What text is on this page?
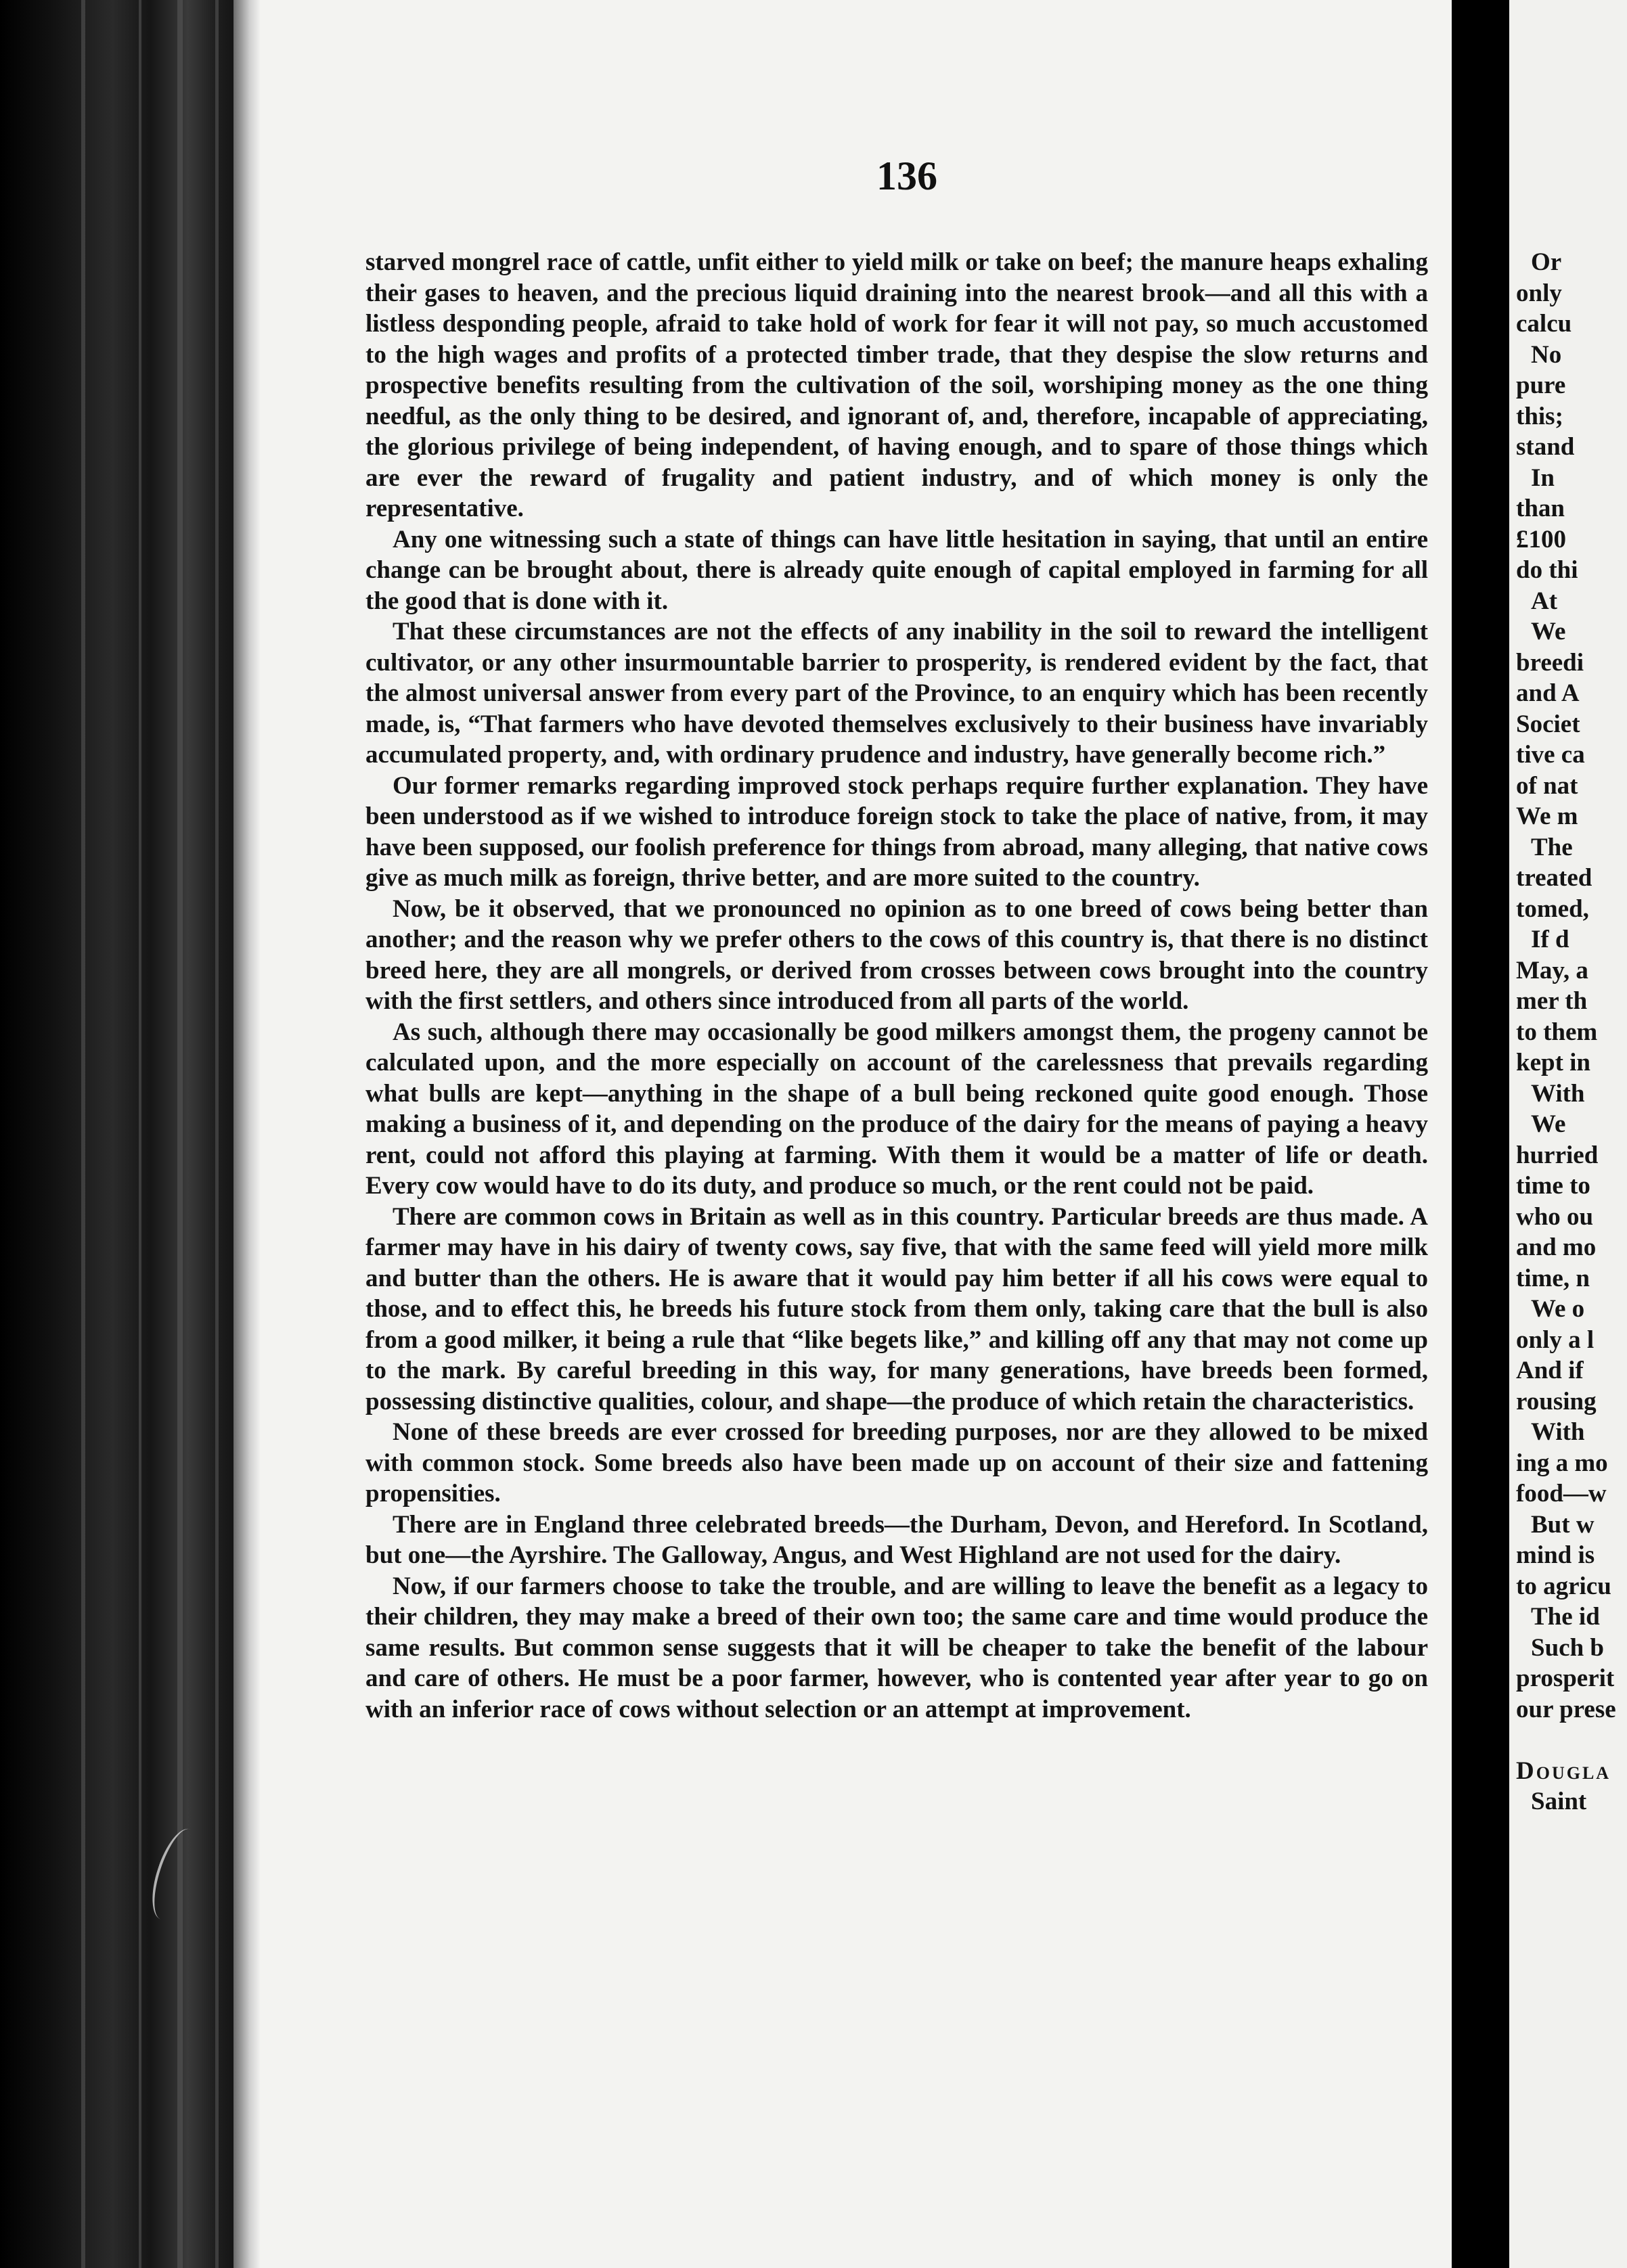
136

starved mongrel race of cattle, unfit either to yield milk or take on beef; the manure heaps exhaling their gases to heaven, and the precious liquid draining into the nearest brook—and all this with a listless desponding people, afraid to take hold of work for fear it will not pay, so much accustomed to the high wages and profits of a protected timber trade, that they despise the slow returns and prospective benefits resulting from the cultivation of the soil, worshiping money as the one thing needful, as the only thing to be desired, and ignorant of, and, therefore, incapable of appreciating, the glorious privilege of being independent, of having enough, and to spare of those things which are ever the reward of frugality and patient industry, and of which money is only the representative.

Any one witnessing such a state of things can have little hesitation in saying, that until an entire change can be brought about, there is already quite enough of capital employed in farming for all the good that is done with it.

That these circumstances are not the effects of any inability in the soil to reward the intelligent cultivator, or any other insurmountable barrier to prosperity, is rendered evident by the fact, that the almost universal answer from every part of the Province, to an enquiry which has been recently made, is, “That farmers who have devoted themselves exclusively to their business have invariably accumulated property, and, with ordinary prudence and industry, have generally become rich.”

Our former remarks regarding improved stock perhaps require further explanation. They have been understood as if we wished to introduce foreign stock to take the place of native, from, it may have been supposed, our foolish preference for things from abroad, many alleging, that native cows give as much milk as foreign, thrive better, and are more suited to the country.

Now, be it observed, that we pronounced no opinion as to one breed of cows being better than another; and the reason why we prefer others to the cows of this country is, that there is no distinct breed here, they are all mongrels, or derived from crosses between cows brought into the country with the first settlers, and others since introduced from all parts of the world.

As such, although there may occasionally be good milkers amongst them, the progeny cannot be calculated upon, and the more especially on account of the carelessness that prevails regarding what bulls are kept—anything in the shape of a bull being reckoned quite good enough. Those making a business of it, and depending on the produce of the dairy for the means of paying a heavy rent, could not afford this playing at farming. With them it would be a matter of life or death. Every cow would have to do its duty, and produce so much, or the rent could not be paid.

There are common cows in Britain as well as in this country. Particular breeds are thus made. A farmer may have in his dairy of twenty cows, say five, that with the same feed will yield more milk and butter than the others. He is aware that it would pay him better if all his cows were equal to those, and to effect this, he breeds his future stock from them only, taking care that the bull is also from a good milker, it being a rule that “like begets like,” and killing off any that may not come up to the mark. By careful breeding in this way, for many generations, have breeds been formed, possessing distinctive qualities, colour, and shape—the produce of which retain the characteristics.

None of these breeds are ever crossed for breeding purposes, nor are they allowed to be mixed with common stock. Some breeds also have been made up on account of their size and fattening propensities.

There are in England three celebrated breeds—the Durham, Devon, and Hereford. In Scotland, but one—the Ayrshire. The Galloway, Angus, and West Highland are not used for the dairy.

Now, if our farmers choose to take the trouble, and are willing to leave the benefit as a legacy to their children, they may make a breed of their own too; the same care and time would produce the same results. But common sense suggests that it will be cheaper to take the benefit of the labour and care of others. He must be a poor farmer, however, who is contented year after year to go on with an inferior race of cows without selection or an attempt at improvement.

Or
only
calcu
No
pure
this;
stand
In
than
£100
do thi
At
We
breedi
and A
Societ
tive ca
of nat
We m
The
treated
tomed,
If d
May, a
mer th
to them
kept in
With
We
hurried
time to
who ou
and mo
time, n
We o
only a l
And if
rousing
With
ing a mo
food—w
But w
mind is
to agricu
The id
Such b
prosperit
our prese
Dougla
Saint
